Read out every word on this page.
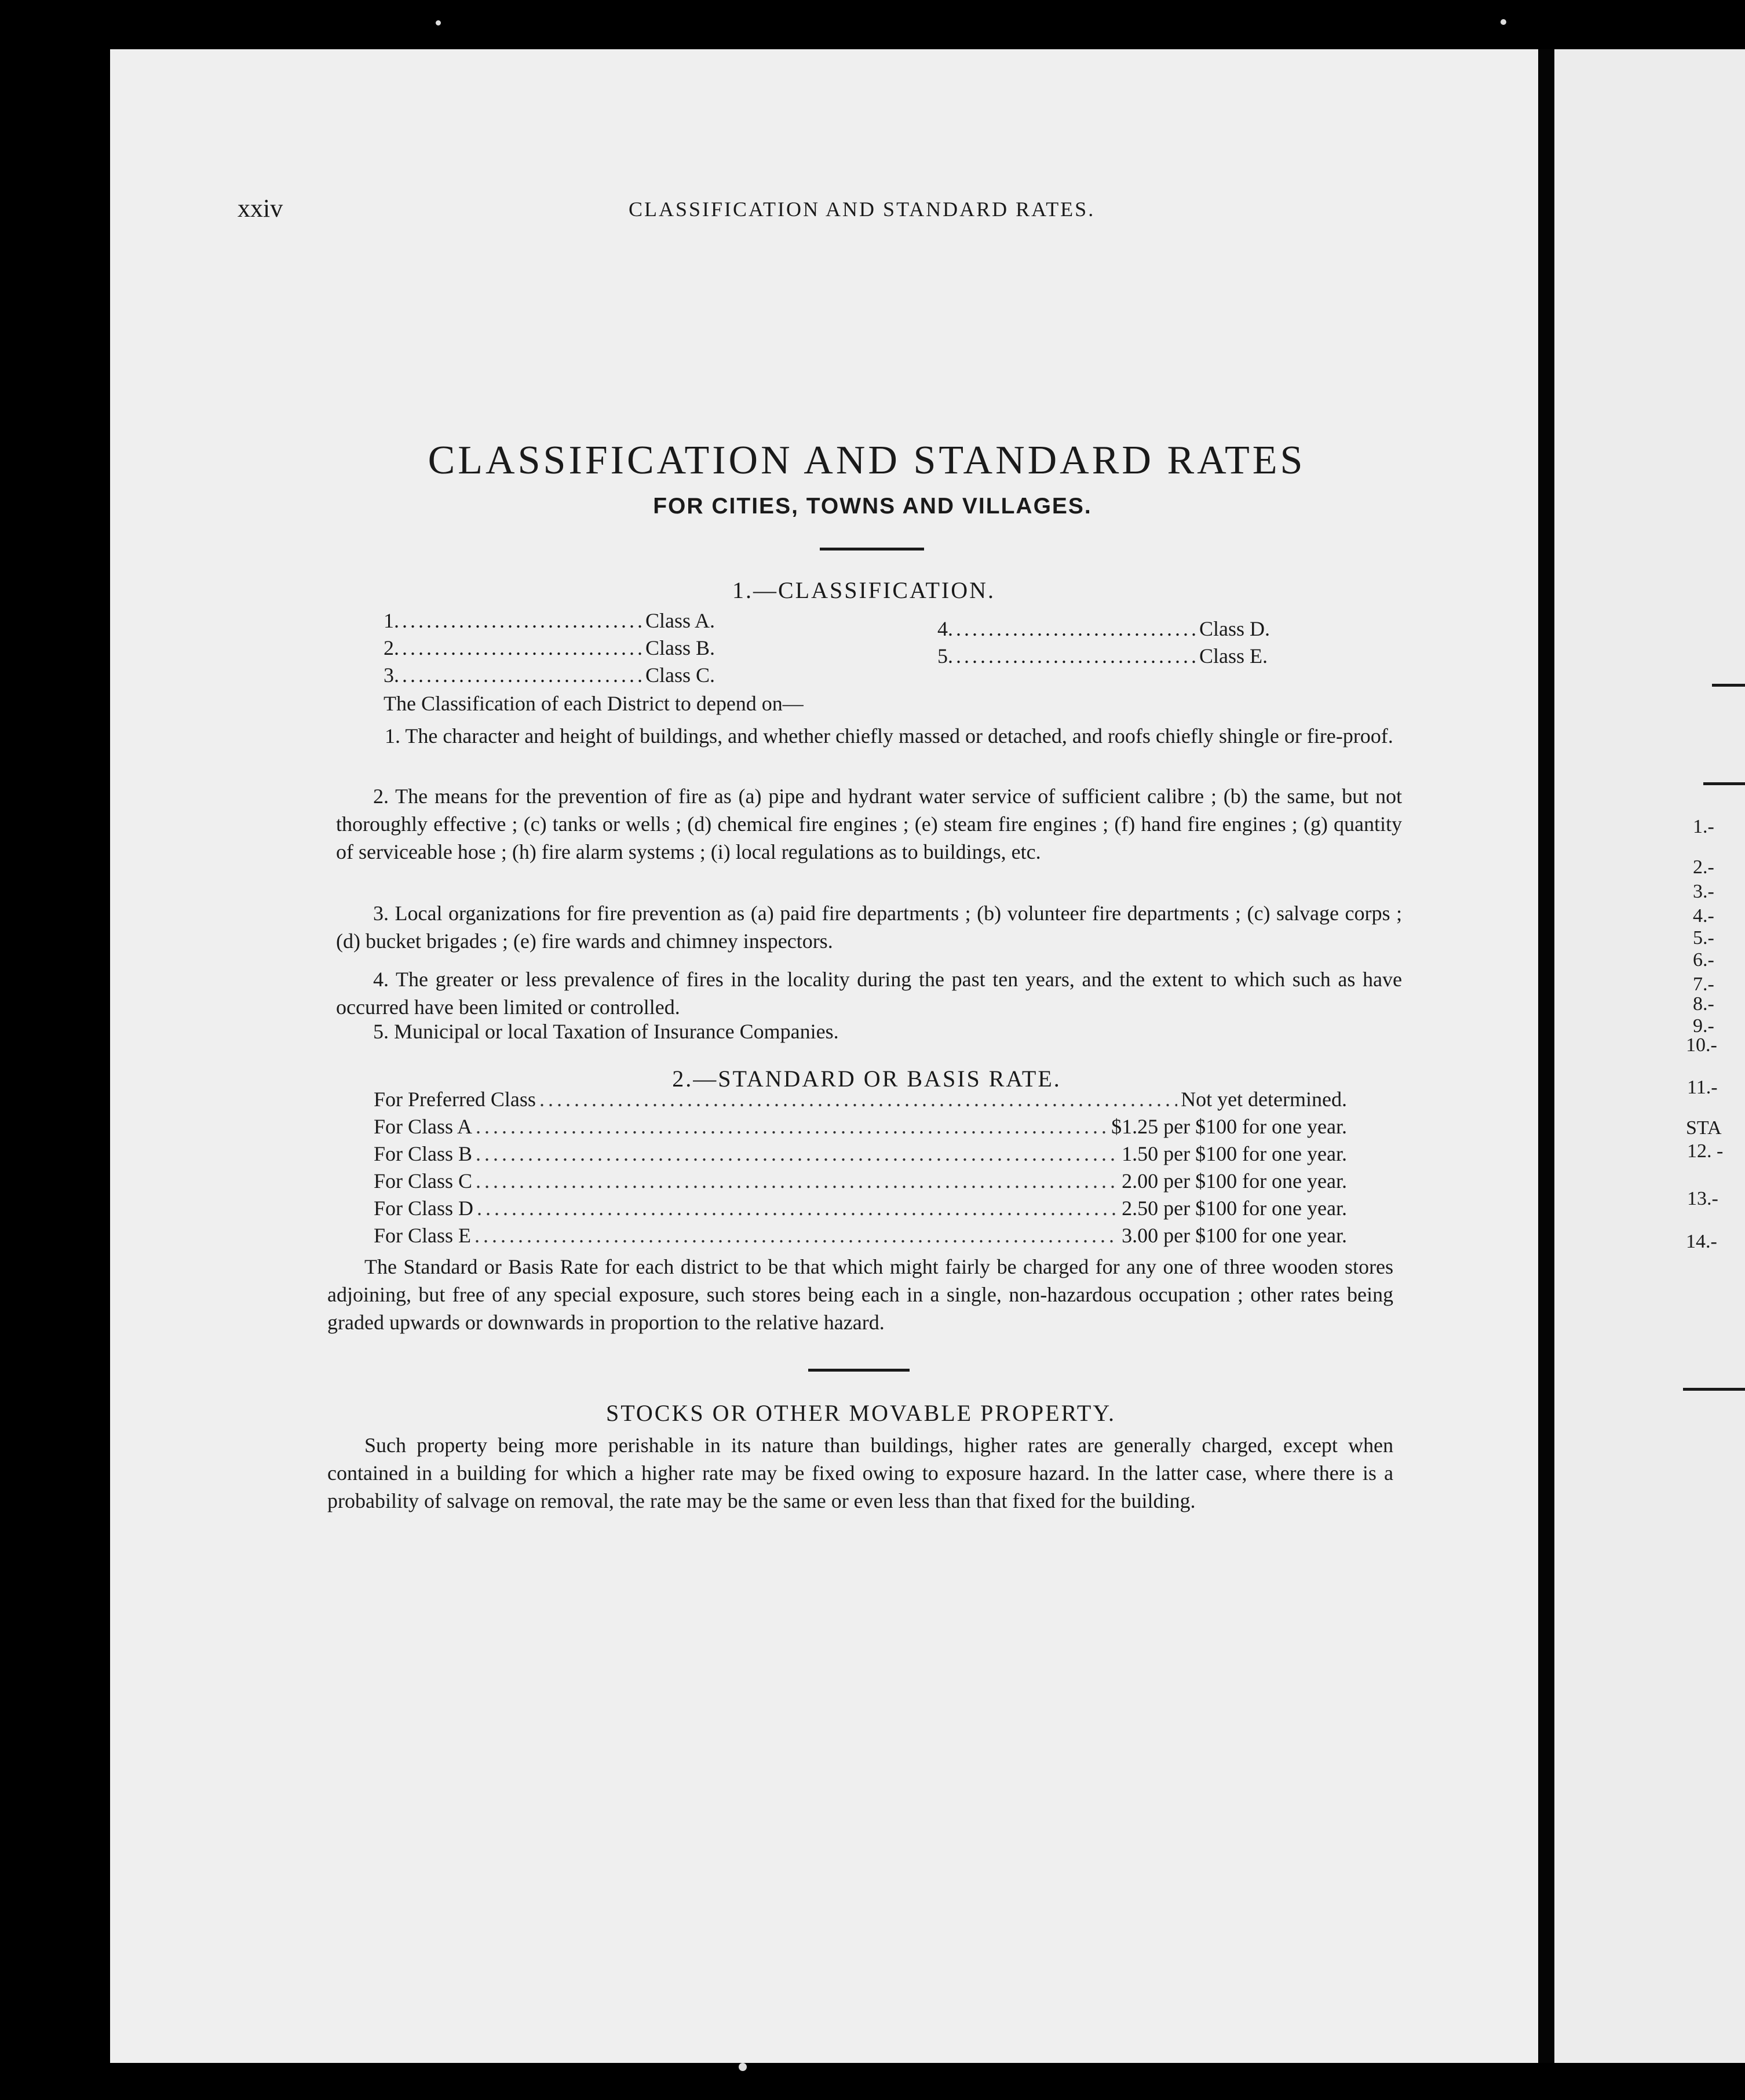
xxiv	CLASSIFICATION AND STANDARD RATES.
CLASSIFICATION AND STANDARD RATES
FOR CITIES, TOWNS AND VILLAGES.
1.—CLASSIFICATION.
1...............................Class A.
2...............................Class B.
3...............................Class C.
4...............................Class D.
5...............................Class E.
The Classification of each District to depend on—
1. The character and height of buildings, and whether chiefly massed or detached, and roofs chiefly shingle or fire-proof.
2. The means for the prevention of fire as (a) pipe and hydrant water service of sufficient calibre ; (b) the same, but not thoroughly effective ; (c) tanks or wells ; (d) chemical fire engines ; (e) steam fire engines ; (f) hand fire engines ; (g) quantity of serviceable hose ; (h) fire alarm systems ; (i) local regulations as to buildings, etc.
3. Local organizations for fire prevention as (a) paid fire departments ; (b) volunteer fire departments ; (c) salvage corps ; (d) bucket brigades ; (e) fire wards and chimney inspectors.
4. The greater or less prevalence of fires in the locality during the past ten years, and the extent to which such as have occurred have been limited or controlled.
5. Municipal or local Taxation of Insurance Companies.
2.—STANDARD OR BASIS RATE.
For Preferred Class .....	Not yet determined.
For Class A .....	$1.25 per $100 for one year.
For Class B .....	1.50 per $100 for one year.
For Class C .....	2.00 per $100 for one year.
For Class D .....	2.50 per $100 for one year.
For Class E .....	3.00 per $100 for one year.
The Standard or Basis Rate for each district to be that which might fairly be charged for any one of three wooden stores adjoining, but free of any special exposure, such stores being each in a single, non-hazardous occupation ; other rates being graded upwards or downwards in proportion to the relative hazard.
STOCKS OR OTHER MOVABLE PROPERTY.
Such property being more perishable in its nature than buildings, higher rates are generally charged, except when contained in a building for which a higher rate may be fixed owing to exposure hazard. In the latter case, where there is a probability of salvage on removal, the rate may be the same or even less than that fixed for the building.
1.-
2.-
3.-
4.-
5.-
6.-
7.-
8.-
9.-
10.-
11.-
STA
12. -
13.-
14.-
